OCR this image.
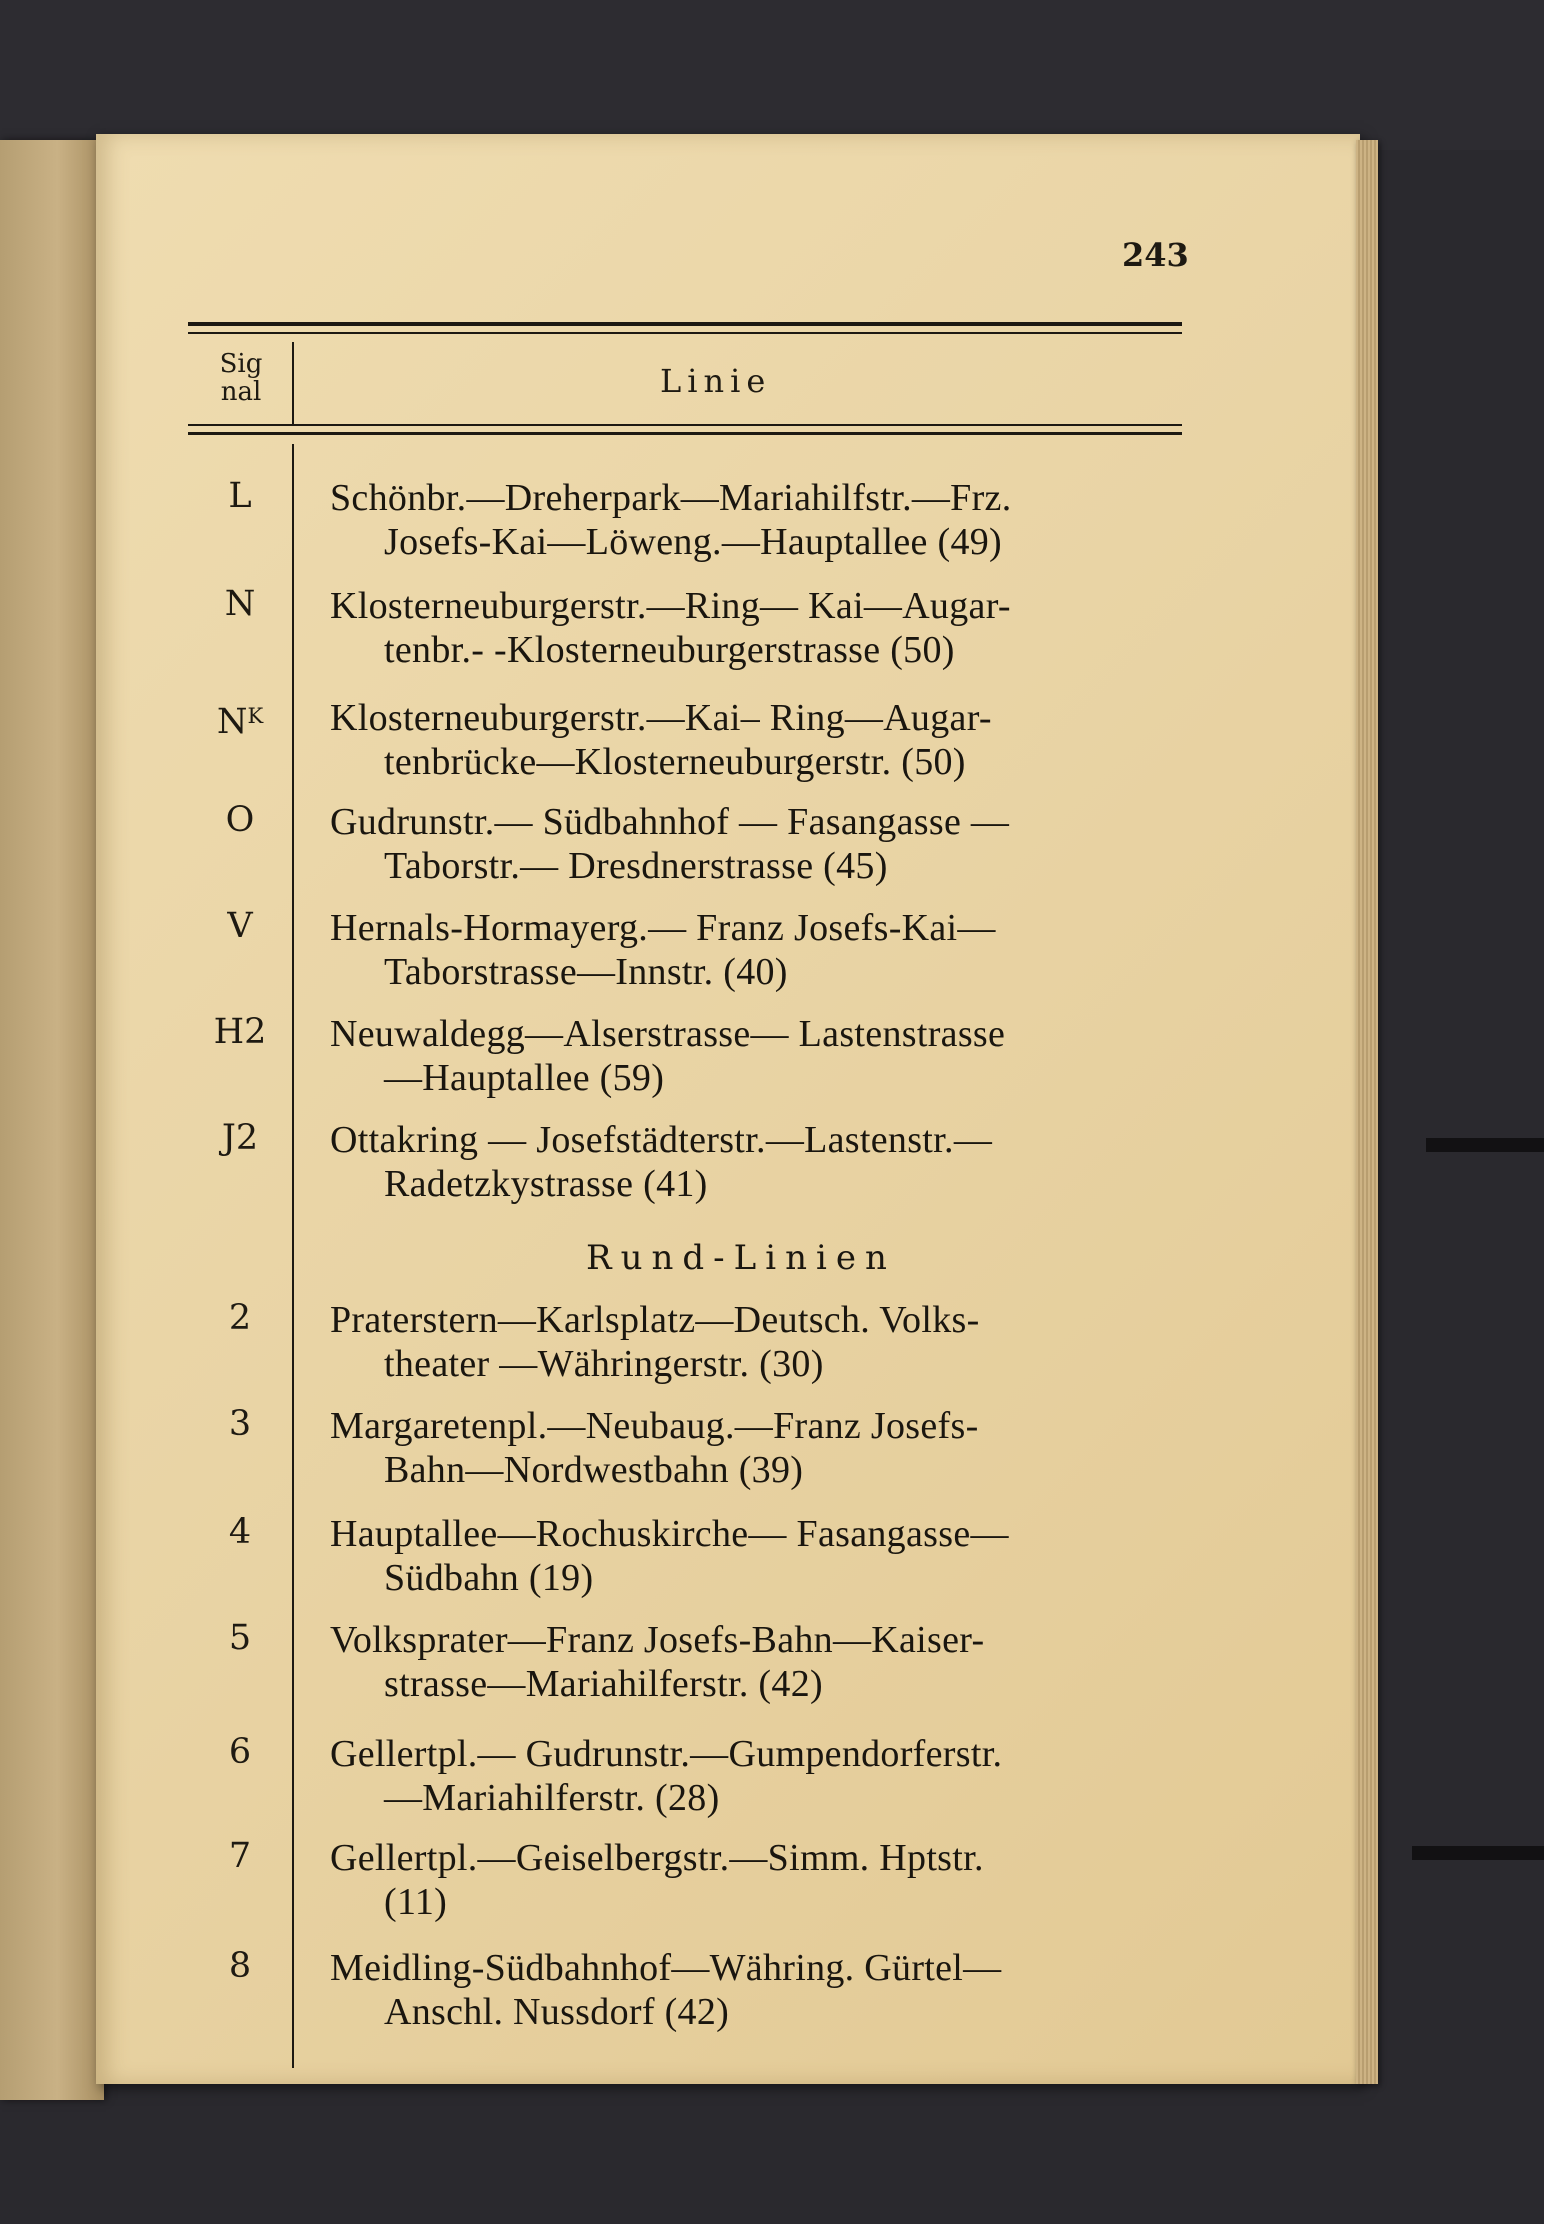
243
Sig
nal	Linie
L	Schönbr.—Dreherpark—Mariahilfstr.—Frz.
Josefs-Kai—Löweng.—Hauptallee (49)
N	Klosterneuburgerstr.—Ring— Kai—Augar-
tenbr.- -Klosterneuburgerstrasse (50)
$N^K$	Klosterneuburgerstr.—Kai– Ring—Augar-
tenbrücke—Klosterneuburgerstr. (50)
O	Gudrunstr.— Südbahnhof — Fasangasse —
Taborstr.— Dresdnerstrasse (45)
V	Hernals-Hormayerg.— Franz Josefs-Kai—
Taborstrasse—Innstr. (40)
H2	Neuwaldegg—Alserstrasse— Lastenstrasse
—Hauptallee (59)
J2	Ottakring — Josefstädterstr.—Lastenstr.—
Radetzkystrasse (41)
Rund-Linien
2	Praterstern—Karlsplatz—Deutsch. Volks-
theater —Währingerstr. (30)
3	Margaretenpl.—Neubaug.—Franz Josefs-
Bahn—Nordwestbahn (39)
4	Hauptallee—Rochuskirche— Fasangasse—
Südbahn (19)
5	Volksprater—Franz Josefs-Bahn—Kaiser-
strasse—Mariahilferstr. (42)
6	Gellertpl.— Gudrunstr.—Gumpendorferstr.
—Mariahilferstr. (28)
7	Gellertpl.—Geiselbergstr.—Simm. Hptstr.
(11)
8	Meidling-Südbahnhof—Währing. Gürtel—
Anschl. Nussdorf (42)
